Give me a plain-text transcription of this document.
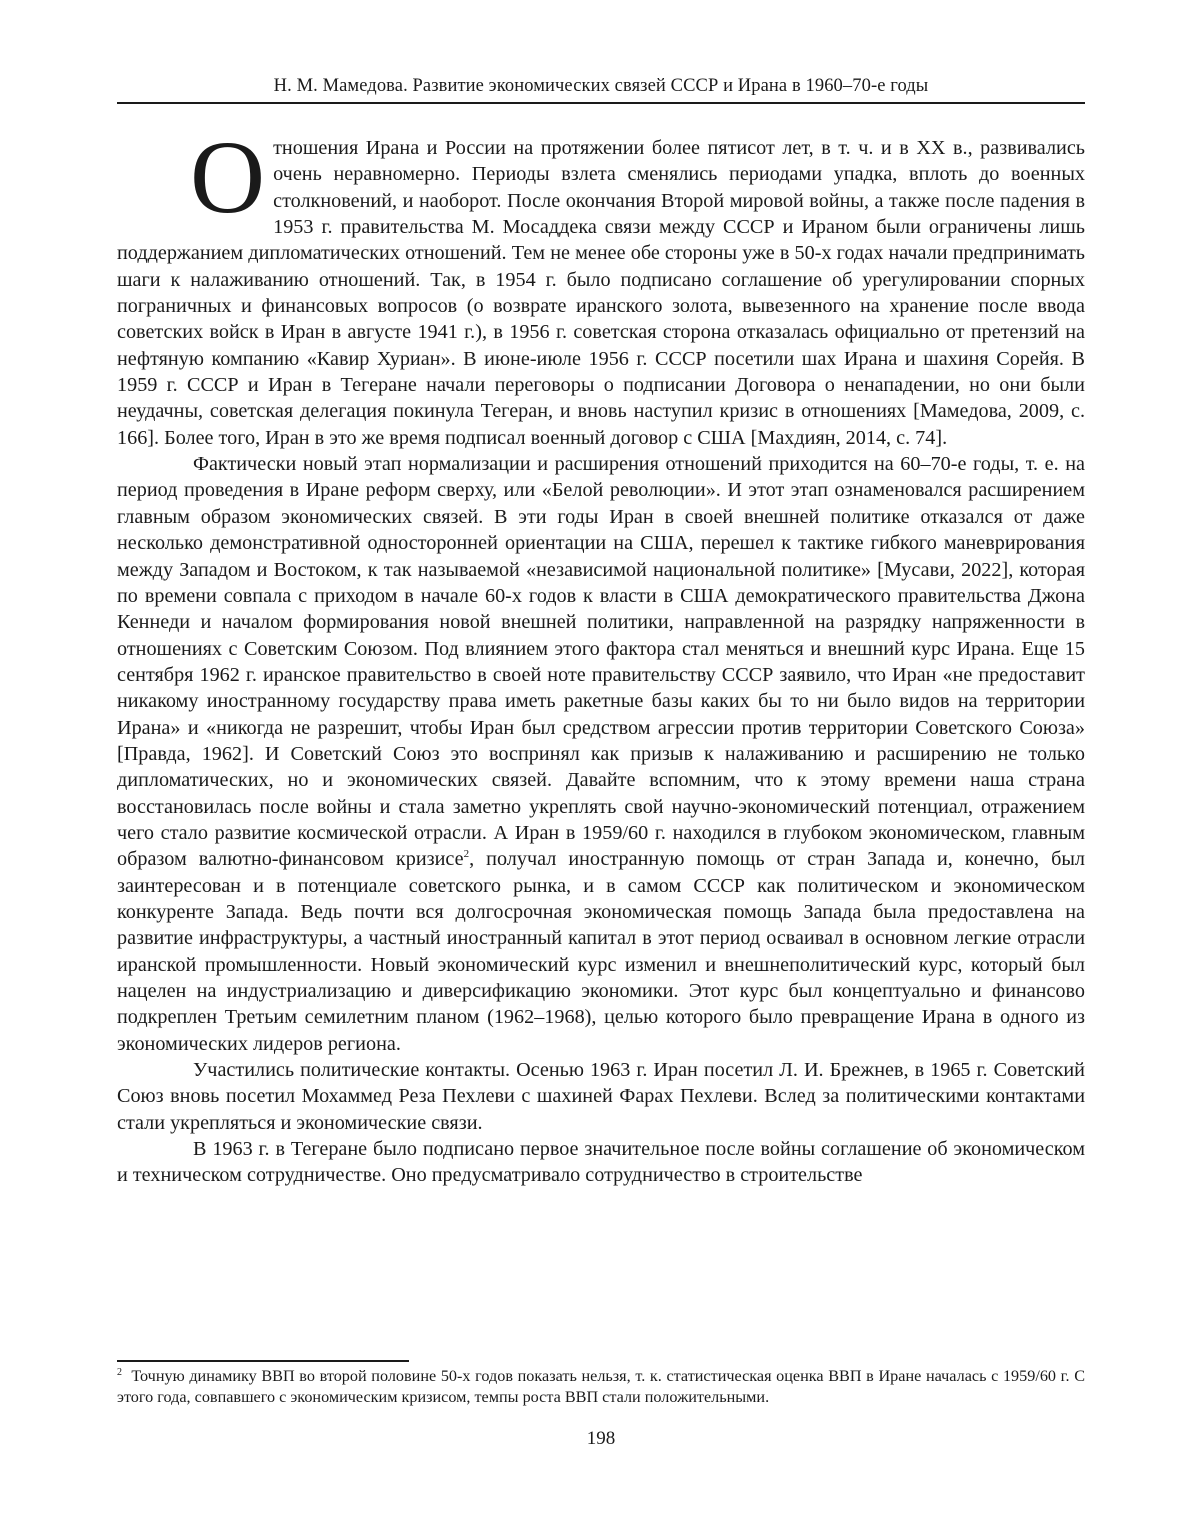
Н. М. Мамедова. Развитие экономических связей СССР и Ирана в 1960–70-е годы

Отношения Ирана и России на протяжении более пятисот лет, в т. ч. и в XX в., развивались очень неравномерно. Периоды взлета сменялись периодами упадка, вплоть до военных столкновений, и наоборот. После окончания Второй мировой войны, а также после падения в 1953 г. правительства М. Мосаддека связи между СССР и Ираном были ограничены лишь поддержанием дипломатических отношений. Тем не менее обе стороны уже в 50-х годах начали предпринимать шаги к налаживанию отношений. Так, в 1954 г. было подписано соглашение об урегулировании спорных пограничных и финансовых вопросов (о возврате иранского золота, вывезенного на хранение после ввода советских войск в Иран в августе 1941 г.), в 1956 г. советская сторона отказалась официально от претензий на нефтяную компанию «Кавир Хуриан». В июне-июле 1956 г. СССР посетили шах Ирана и шахиня Сорейя. В 1959 г. СССР и Иран в Тегеране начали переговоры о подписании Договора о ненападении, но они были неудачны, советская делегация покинула Тегеран, и вновь наступил кризис в отношениях [Мамедова, 2009, с. 166]. Более того, Иран в это же время подписал военный договор с США [Махдиян, 2014, с. 74].

Фактически новый этап нормализации и расширения отношений приходится на 60–70-е годы, т. е. на период проведения в Иране реформ сверху, или «Белой революции». И этот этап ознаменовался расширением главным образом экономических связей. В эти годы Иран в своей внешней политике отказался от даже несколько демонстративной односторонней ориентации на США, перешел к тактике гибкого маневрирования между Западом и Востоком, к так называемой «независимой национальной политике» [Мусави, 2022], которая по времени совпала с приходом в начале 60-х годов к власти в США демократического правительства Джона Кеннеди и началом формирования новой внешней политики, направленной на разрядку напряженности в отношениях с Советским Союзом. Под влиянием этого фактора стал меняться и внешний курс Ирана. Еще 15 сентября 1962 г. иранское правительство в своей ноте правительству СССР заявило, что Иран «не предоставит никакому иностранному государству права иметь ракетные базы каких бы то ни было видов на территории Ирана» и «никогда не разрешит, чтобы Иран был средством агрессии против территории Советского Союза» [Правда, 1962]. И Советский Союз это воспринял как призыв к налаживанию и расширению не только дипломатических, но и экономических связей. Давайте вспомним, что к этому времени наша страна восстановилась после войны и стала заметно укреплять свой научно-экономический потенциал, отражением чего стало развитие космической отрасли. А Иран в 1959/60 г. находился в глубоком экономическом, главным образом валютно-финансовом кризисе$^2$, получал иностранную помощь от стран Запада и, конечно, был заинтересован и в потенциале советского рынка, и в самом СССР как политическом и экономическом конкуренте Запада. Ведь почти вся долгосрочная экономическая помощь Запада была предоставлена на развитие инфраструктуры, а частный иностранный капитал в этот период осваивал в основном легкие отрасли иранской промышленности. Новый экономический курс изменил и внешнеполитический курс, который был нацелен на индустриализацию и диверсификацию экономики. Этот курс был концептуально и финансово подкреплен Третьим семилетним планом (1962–1968), целью которого было превращение Ирана в одного из экономических лидеров региона.

Участились политические контакты. Осенью 1963 г. Иран посетил Л. И. Брежнев, в 1965 г. Советский Союз вновь посетил Мохаммед Реза Пехлеви с шахиней Фарах Пехлеви. Вслед за политическими контактами стали укрепляться и экономические связи.

В 1963 г. в Тегеране было подписано первое значительное после войны соглашение об экономическом и техническом сотрудничестве. Оно предусматривало сотрудничество в строительстве

$^2$ Точную динамику ВВП во второй половине 50-х годов показать нельзя, т. к. статистическая оценка ВВП в Иране началась с 1959/60 г. С этого года, совпавшего с экономическим кризисом, темпы роста ВВП стали положительными.

198
